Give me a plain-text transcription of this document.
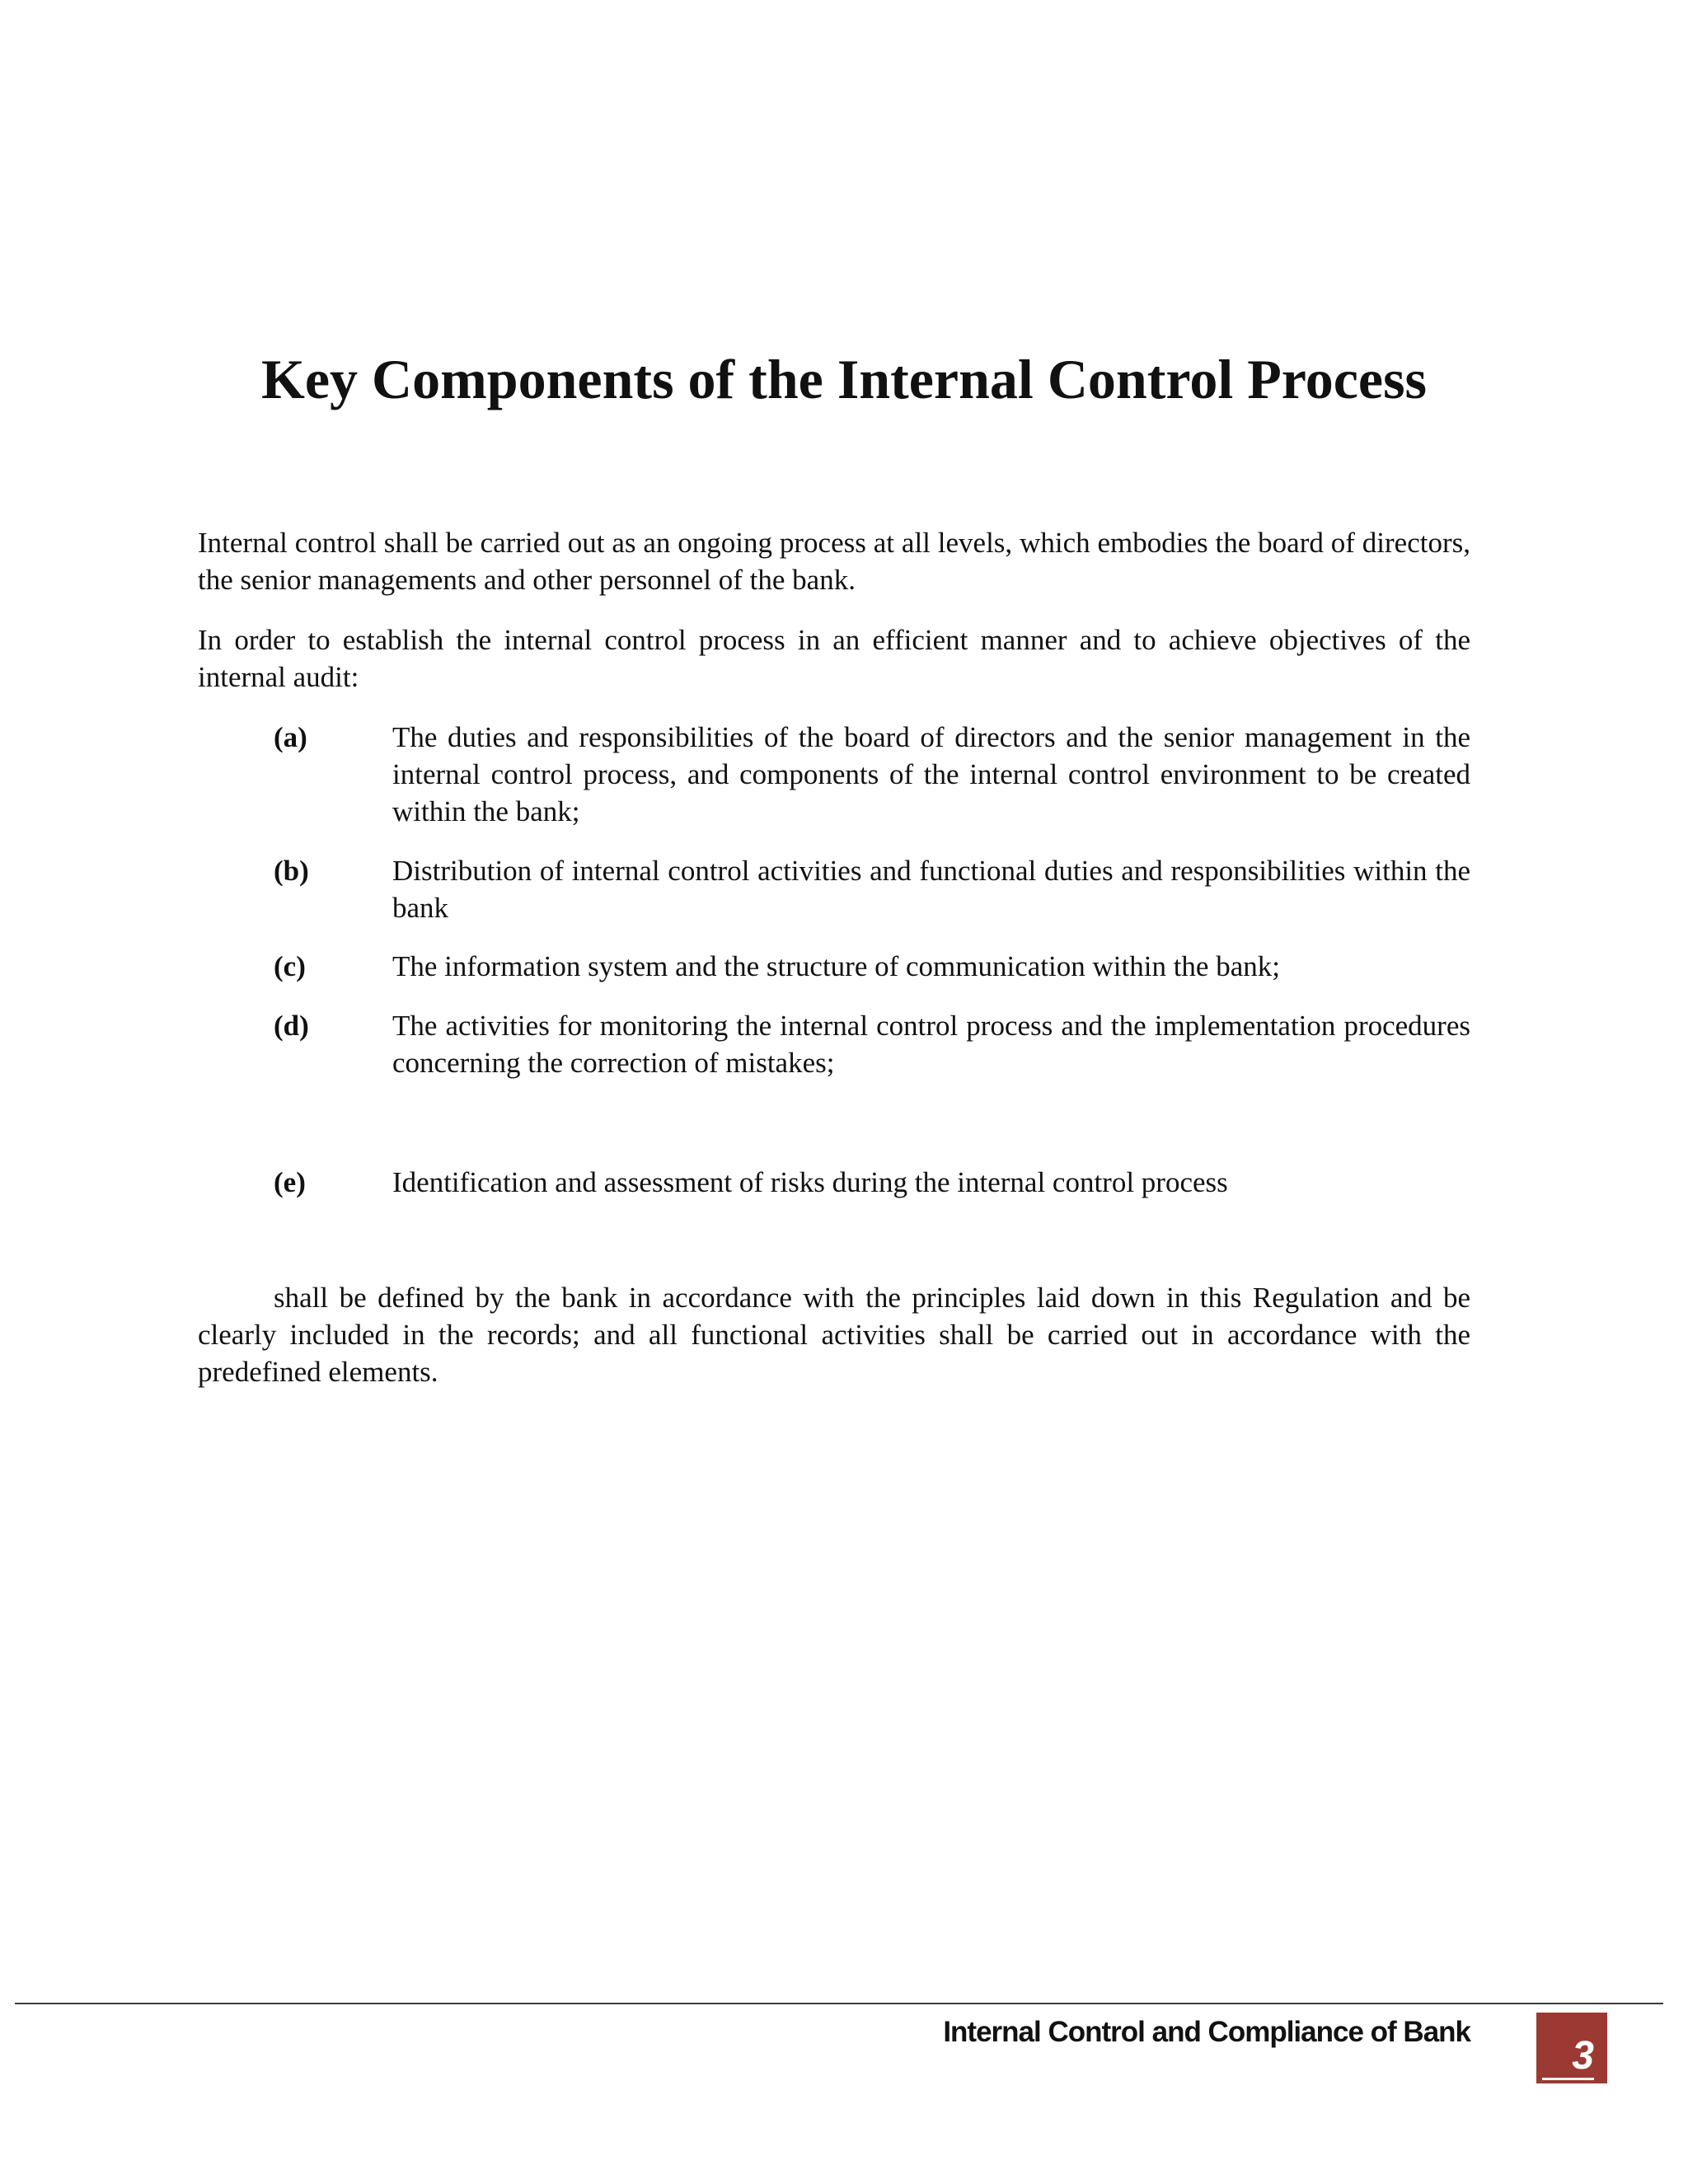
Key Components of the Internal Control Process

Internal control shall be carried out as an ongoing process at all levels, which embodies the board of directors, the senior managements and other personnel of the bank.

In order to establish the internal control process in an efficient manner and to achieve objectives of the internal audit:

(a)	The duties and responsibilities of the board of directors and the senior management in the internal control process, and components of the internal control environment to be created within the bank;
(b)	Distribution of internal control activities and functional duties and responsibilities within the bank
(c)	The information system and the structure of communication within the bank;
(d)	The activities for monitoring the internal control process and the implementation procedures concerning the correction of mistakes;
(e)	Identification and assessment of risks during the internal control process

shall be defined by the bank in accordance with the principles laid down in this Regulation and be clearly included in the records; and all functional activities shall be carried out in accordance with the predefined elements.

Internal Control and Compliance of Bank
3
